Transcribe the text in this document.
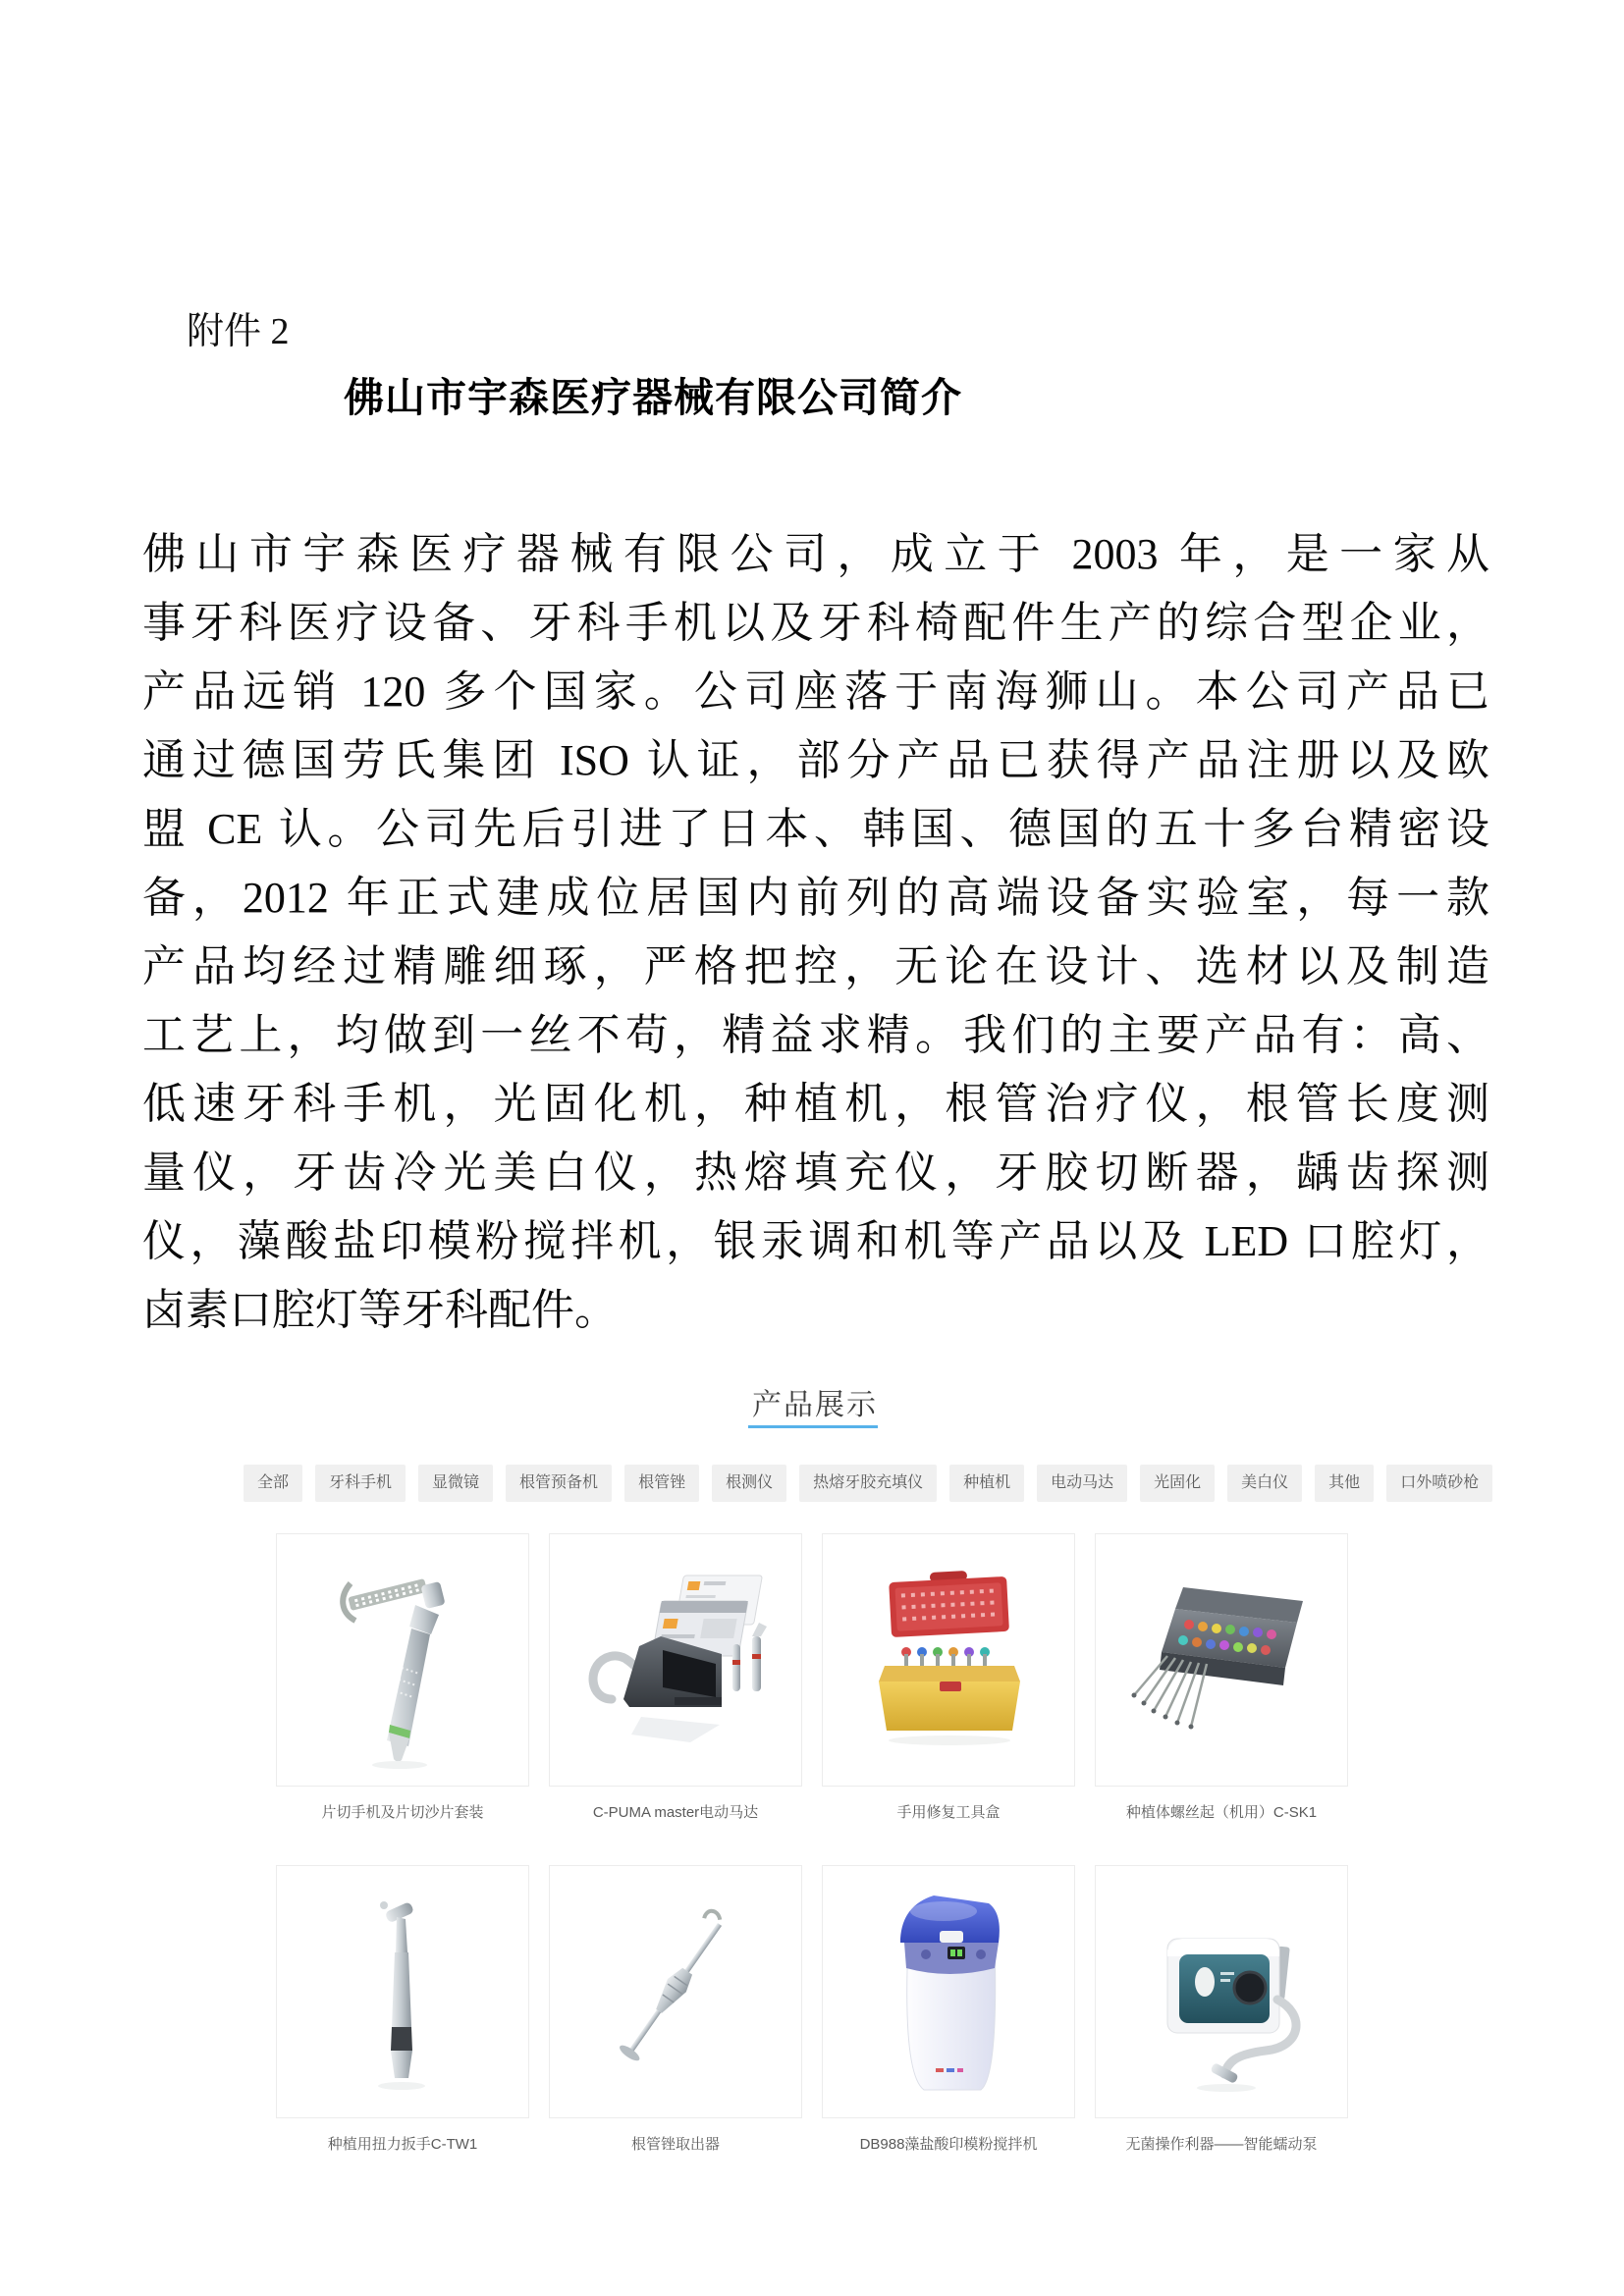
附件 2
佛山市宇森医疗器械有限公司简介
佛山市宇森医疗器械有限公司，成立于 2003 年，是一家从
事牙科医疗设备、牙科手机以及牙科椅配件生产的综合型企业，
产品远销 120 多个国家。公司座落于南海狮山。本公司产品已
通过德国劳氏集团 ISO 认证，部分产品已获得产品注册以及欧
盟 CE 认。公司先后引进了日本、韩国、德国的五十多台精密设
备，2012 年正式建成位居国内前列的高端设备实验室，每一款
产品均经过精雕细琢，严格把控，无论在设计、选材以及制造
工艺上，均做到一丝不苟，精益求精。我们的主要产品有：高、
低速牙科手机，光固化机，种植机，根管治疗仪，根管长度测
量仪，牙齿冷光美白仪，热熔填充仪，牙胶切断器，龋齿探测
仪，藻酸盐印模粉搅拌机，银汞调和机等产品以及 LED 口腔灯，
卤素口腔灯等牙科配件。
产品展示
全部	牙科手机	显微镜	根管预备机	根管锉	根测仪	热熔牙胶充填仪	种植机	电动马达	光固化	美白仪	其他	口外喷砂枪
片切手机及片切沙片套装	C-PUMA master电动马达	手用修复工具盒	种植体螺丝起（机用）C-SK1
种植用扭力扳手C-TW1	根管锉取出器	DB988藻盐酸印模粉搅拌机	无菌操作利器——智能蠕动泵
